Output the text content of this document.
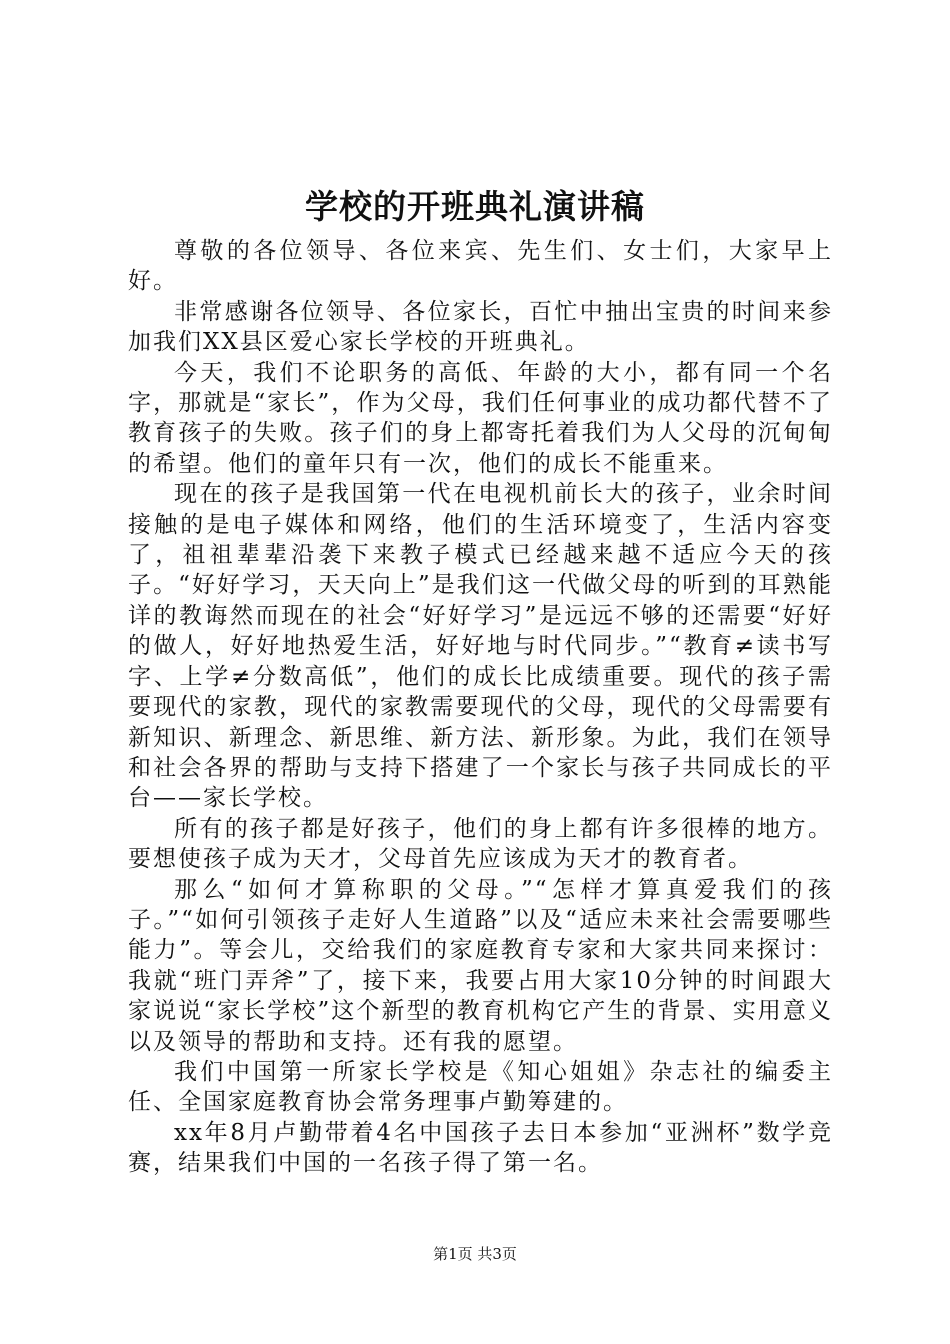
学校的开班典礼演讲稿

尊敬的各位领导、各位来宾、先生们、女士们，大家早上好。

非常感谢各位领导、各位家长，百忙中抽出宝贵的时间来参加我们XX县区爱心家长学校的开班典礼。

今天，我们不论职务的高低、年龄的大小，都有同一个名字，那就是“家长”，作为父母，我们任何事业的成功都代替不了教育孩子的失败。孩子们的身上都寄托着我们为人父母的沉甸甸的希望。他们的童年只有一次，他们的成长不能重来。

现在的孩子是我国第一代在电视机前长大的孩子，业余时间接触的是电子媒体和网络，他们的生活环境变了，生活内容变了，祖祖辈辈沿袭下来教子模式已经越来越不适应今天的孩子。“好好学习，天天向上”是我们这一代做父母的听到的耳熟能详的教诲然而现在的社会“好好学习”是远远不够的还需要“好好的做人，好好地热爱生活，好好地与时代同步。”“教育≠读书写字、上学≠分数高低”，他们的成长比成绩重要。现代的孩子需要现代的家教，现代的家教需要现代的父母，现代的父母需要有新知识、新理念、新思维、新方法、新形象。为此，我们在领导和社会各界的帮助与支持下搭建了一个家长与孩子共同成长的平台——家长学校。

所有的孩子都是好孩子，他们的身上都有许多很棒的地方。要想使孩子成为天才，父母首先应该成为天才的教育者。

那么“如何才算称职的父母。”“怎样才算真爱我们的孩子。”“如何引领孩子走好人生道路”以及“适应未来社会需要哪些能力”。等会儿，交给我们的家庭教育专家和大家共同来探讨：我就“班门弄斧”了，接下来，我要占用大家10分钟的时间跟大家说说“家长学校”这个新型的教育机构它产生的背景、实用意义以及领导的帮助和支持。还有我的愿望。

我们中国第一所家长学校是《知心姐姐》杂志社的编委主任、全国家庭教育协会常务理事卢勤筹建的。

xx年8月卢勤带着4名中国孩子去日本参加“亚洲杯”数学竞赛，结果我们中国的一名孩子得了第一名。

第1页 共3页
